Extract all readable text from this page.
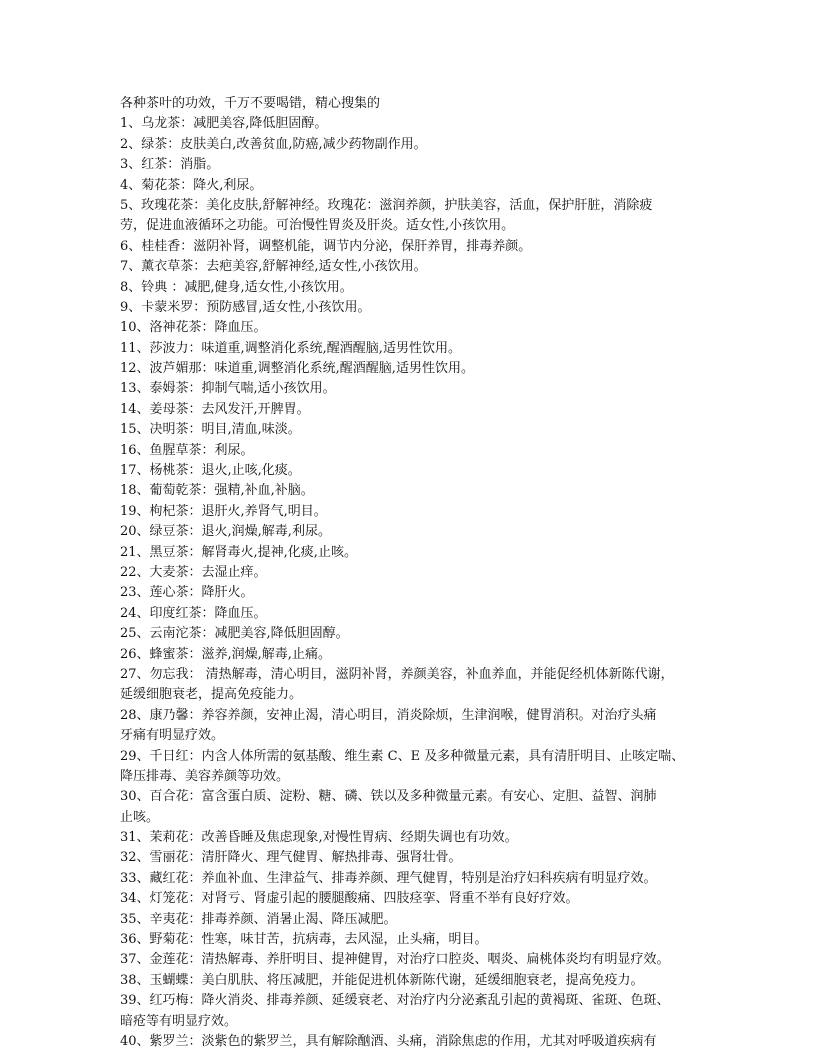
各种茶叶的功效，千万不要喝错，精心搜集的
1、乌龙茶：减肥美容,降低胆固醇。
2、绿茶：皮肤美白,改善贫血,防癌,减少药物副作用。
3、红茶：消脂。
4、菊花茶：降火,利尿。
5、玫瑰花茶：美化皮肤,舒解神经。玫瑰花：滋润养颜，护肤美容，活血，保护肝脏，消除疲
劳，促进血液循环之功能。可治慢性胃炎及肝炎。适女性,小孩饮用。
6、桂桂香：滋阴补肾，调整机能，调节内分泌，保肝养胃，排毒养颜。
7、薰衣草茶：去疤美容,舒解神经,适女性,小孩饮用。
8、铃典 ：减肥,健身,适女性,小孩饮用。
9、卡蒙米罗：预防感冒,适女性,小孩饮用。
10、洛神花茶：降血压。
11、莎波力：味道重,调整消化系统,醒酒醒脑,适男性饮用。
12、波芦媚那：味道重,调整消化系统,醒酒醒脑,适男性饮用。
13、泰姆茶：抑制气喘,适小孩饮用。
14、姜母茶：去风发汗,开脾胃。
15、决明茶：明目,清血,味淡。
16、鱼腥草茶：利尿。
17、杨桃茶：退火,止咳,化痰。
18、葡萄乾茶：强精,补血,补脑。
19、枸杞茶：退肝火,养肾气,明目。
20、绿豆茶：退火,润燥,解毒,利尿。
21、黑豆茶：解肾毒火,提神,化痰,止咳。
22、大麦茶：去湿止痒。
23、莲心茶：降肝火。
24、印度红茶：降血压。
25、云南沱茶：减肥美容,降低胆固醇。
26、蜂蜜茶：滋养,润燥,解毒,止痛。
27、勿忘我： 清热解毒，清心明目，滋阴补肾，养颜美容，补血养血，并能促经机体新陈代谢，
延缓细胞衰老，提高免疫能力。
28、康乃馨：养容养颜，安神止渴，清心明目，消炎除烦，生津润喉，健胃消积。对治疗头痛
牙痛有明显疗效。
29、千日红：内含人体所需的氨基酸、维生素 C、E 及多种微量元素，具有清肝明目、止咳定喘、
降压排毒、美容养颜等功效。
30、百合花：富含蛋白质、淀粉、糖、磷、铁以及多种微量元素。有安心、定胆、益智、润肺
止咳。
31、茉莉花：改善昏睡及焦虑现象,对慢性胃病、经期失调也有功效。
32、雪丽花：清肝降火、理气健胃、解热排毒、强肾壮骨。
33、藏红花：养血补血、生津益气、排毒养颜、理气健胃，特别是治疗妇科疾病有明显疗效。
34、灯笼花：对肾亏、肾虚引起的腰腿酸痛、四肢痉挛、肾重不举有良好疗效。
35、辛夷花：排毒养颜、消暑止渴、降压减肥。
36、野菊花：性寒，味甘苦，抗病毒，去风湿，止头痛，明目。
37、金莲花：清热解毒、养肝明目、提神健胃，对治疗口腔炎、咽炎、扁桃体炎均有明显疗效。
38、玉蝴蝶：美白肌肤、将压减肥，并能促进机体新陈代谢，延缓细胞衰老，提高免疫力。
39、红巧梅：降火消炎、排毒养颜、延缓衰老、对治疗内分泌紊乱引起的黄褐斑、雀斑、色斑、
暗疮等有明显疗效。
40、紫罗兰：淡紫色的紫罗兰，具有解除酗酒、头痛，消除焦虑的作用，尤其对呼吸道疾病有
